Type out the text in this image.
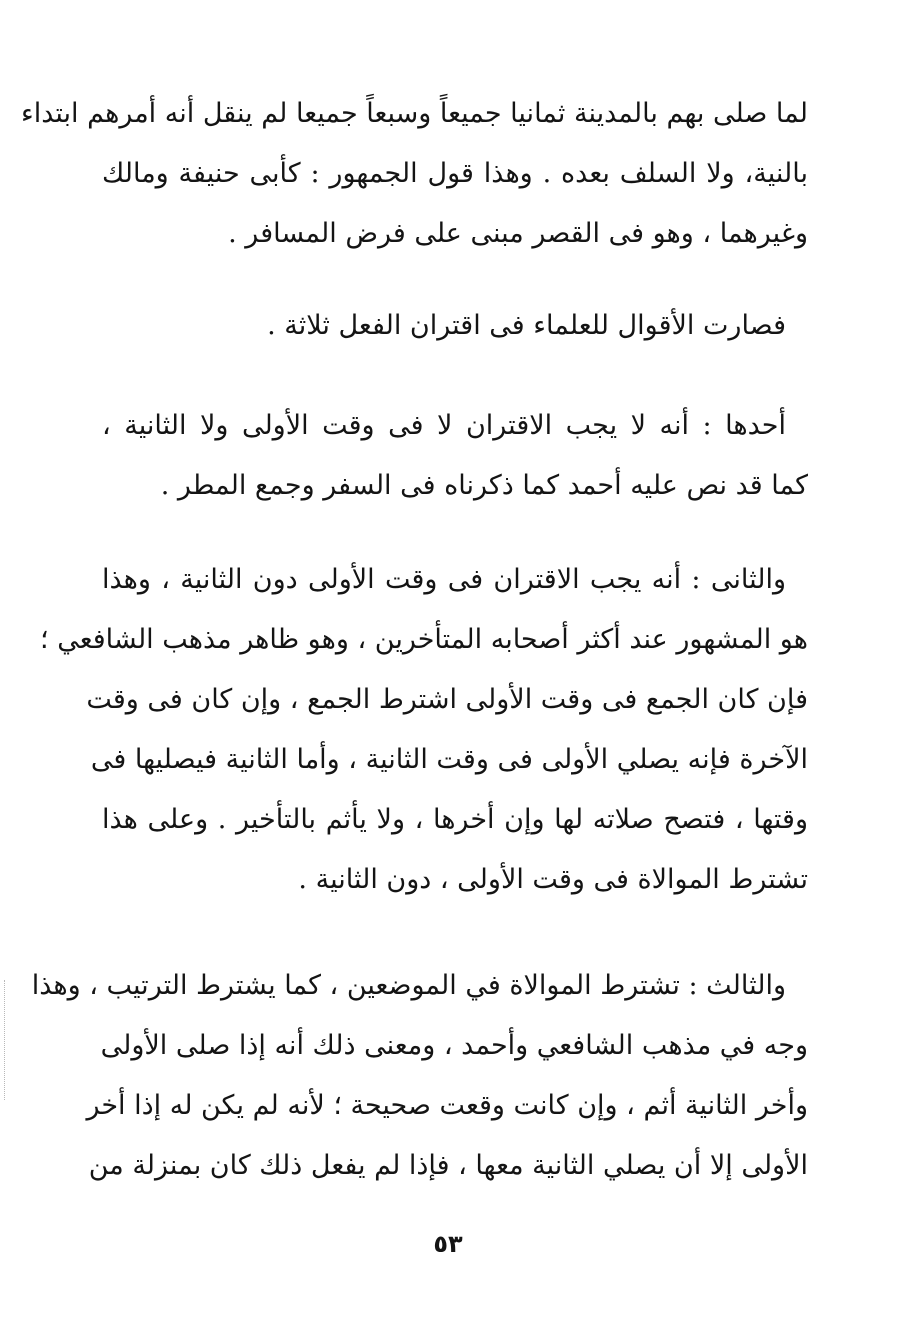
لما صلى بهم بالمدينة ثمانيا جميعاً وسبعاً جميعا لم ينقل أنه أمرهم ابتداء
بالنية، ولا السلف بعده . وهذا قول الجمهور : كأبى حنيفة ومالك
وغيرهما ، وهو فى القصر مبنى على فرض المسافر .
فصارت الأقوال للعلماء فى اقتران الفعل ثلاثة .
أحدها : أنه لا يجب الاقتران لا فى وقت الأولى ولا الثانية ،
كما قد نص عليه أحمد كما ذكرناه فى السفر وجمع المطر .
والثانى : أنه يجب الاقتران فى وقت الأولى دون الثانية ، وهذا
هو المشهور عند أكثر أصحابه المتأخرين ، وهو ظاهر مذهب الشافعي ؛
فإن كان الجمع فى وقت الأولى اشترط الجمع ، وإن كان فى وقت
الآخرة فإنه يصلي الأولى فى وقت الثانية ، وأما الثانية فيصليها فى
وقتها ، فتصح صلاته لها وإن أخرها ، ولا يأثم بالتأخير . وعلى هذا
تشترط الموالاة فى وقت الأولى ، دون الثانية .
والثالث : تشترط الموالاة في الموضعين ، كما يشترط الترتيب ، وهذا
وجه في مذهب الشافعي وأحمد ، ومعنى ذلك أنه إذا صلى الأولى
وأخر الثانية أثم ، وإن كانت وقعت صحيحة ؛ لأنه لم يكن له إذا أخر
الأولى إلا أن يصلي الثانية معها ، فإذا لم يفعل ذلك كان بمنزلة من
٥٣
